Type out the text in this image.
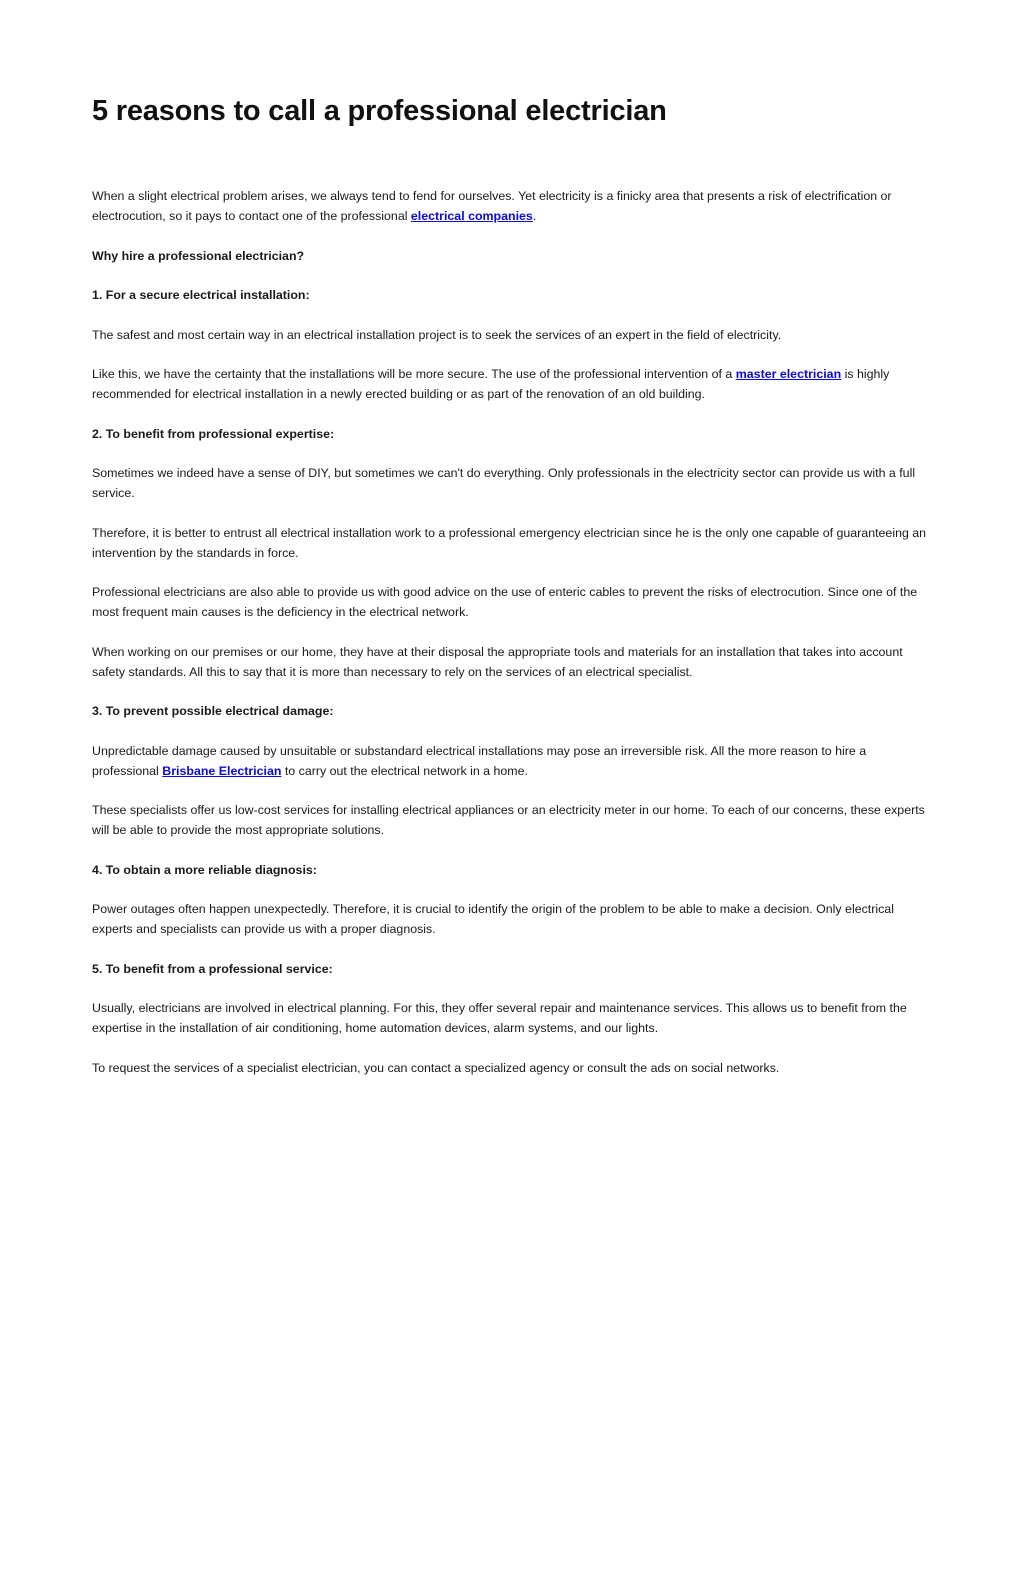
5 reasons to call a professional electrician

When a slight electrical problem arises, we always tend to fend for ourselves. Yet electricity is a finicky area that presents a risk of electrification or electrocution, so it pays to contact one of the professional electrical companies.

Why hire a professional electrician?

1. For a secure electrical installation:

The safest and most certain way in an electrical installation project is to seek the services of an expert in the field of electricity.

Like this, we have the certainty that the installations will be more secure. The use of the professional intervention of a master electrician is highly recommended for electrical installation in a newly erected building or as part of the renovation of an old building.

2. To benefit from professional expertise:

Sometimes we indeed have a sense of DIY, but sometimes we can't do everything. Only professionals in the electricity sector can provide us with a full service.

Therefore, it is better to entrust all electrical installation work to a professional emergency electrician since he is the only one capable of guaranteeing an intervention by the standards in force.

Professional electricians are also able to provide us with good advice on the use of enteric cables to prevent the risks of electrocution. Since one of the most frequent main causes is the deficiency in the electrical network.

When working on our premises or our home, they have at their disposal the appropriate tools and materials for an installation that takes into account safety standards. All this to say that it is more than necessary to rely on the services of an electrical specialist.

3. To prevent possible electrical damage:

Unpredictable damage caused by unsuitable or substandard electrical installations may pose an irreversible risk. All the more reason to hire a professional Brisbane Electrician to carry out the electrical network in a home.

These specialists offer us low-cost services for installing electrical appliances or an electricity meter in our home. To each of our concerns, these experts will be able to provide the most appropriate solutions.

4. To obtain a more reliable diagnosis:

Power outages often happen unexpectedly. Therefore, it is crucial to identify the origin of the problem to be able to make a decision. Only electrical experts and specialists can provide us with a proper diagnosis.

5. To benefit from a professional service:

Usually, electricians are involved in electrical planning. For this, they offer several repair and maintenance services. This allows us to benefit from the expertise in the installation of air conditioning, home automation devices, alarm systems, and our lights.

To request the services of a specialist electrician, you can contact a specialized agency or consult the ads on social networks.
